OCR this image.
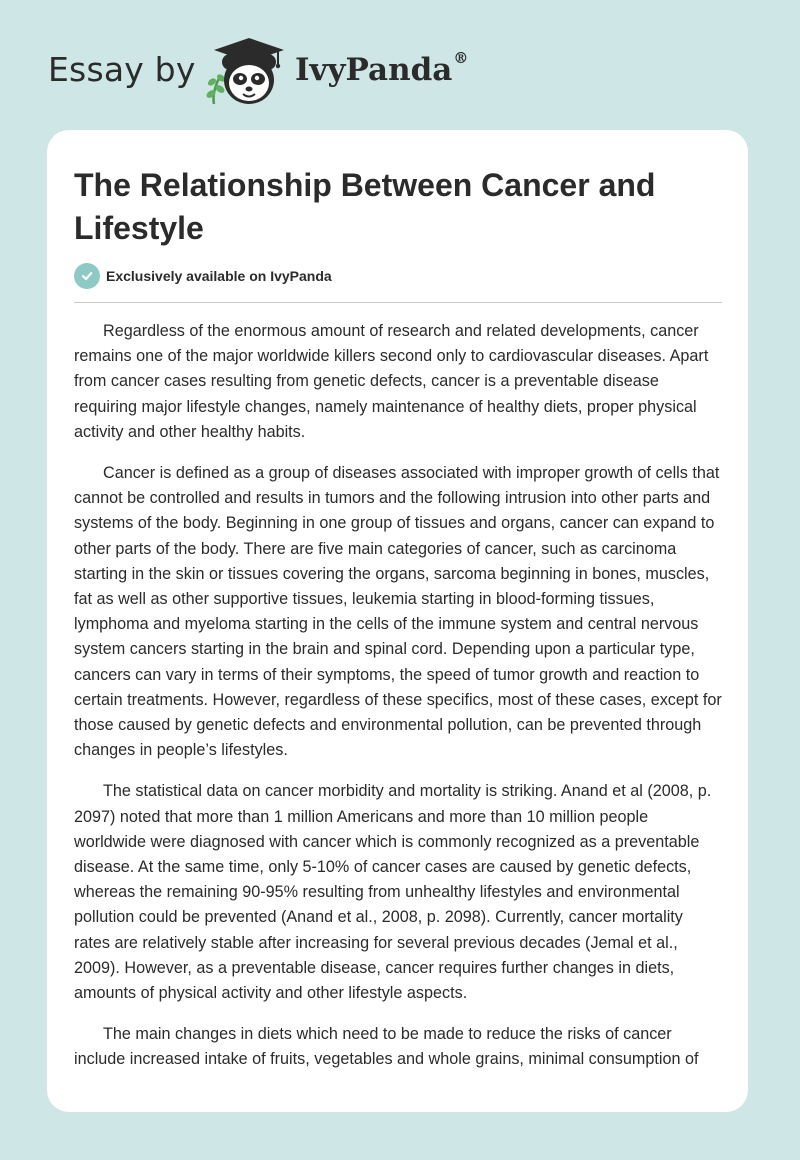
Essay by	IvyPanda®
The Relationship Between Cancer and Lifestyle
Exclusively available on IvyPanda

Regardless of the enormous amount of research and related developments, cancer remains one of the major worldwide killers second only to cardiovascular diseases. Apart from cancer cases resulting from genetic defects, cancer is a preventable disease requiring major lifestyle changes, namely maintenance of healthy diets, proper physical activity and other healthy habits.

Cancer is defined as a group of diseases associated with improper growth of cells that cannot be controlled and results in tumors and the following intrusion into other parts and systems of the body. Beginning in one group of tissues and organs, cancer can expand to other parts of the body. There are five main categories of cancer, such as carcinoma starting in the skin or tissues covering the organs, sarcoma beginning in bones, muscles, fat as well as other supportive tissues, leukemia starting in blood-forming tissues, lymphoma and myeloma starting in the cells of the immune system and central nervous system cancers starting in the brain and spinal cord. Depending upon a particular type, cancers can vary in terms of their symptoms, the speed of tumor growth and reaction to certain treatments. However, regardless of these specifics, most of these cases, except for those caused by genetic defects and environmental pollution, can be prevented through changes in people’s lifestyles.

The statistical data on cancer morbidity and mortality is striking. Anand et al (2008, p. 2097) noted that more than 1 million Americans and more than 10 million people worldwide were diagnosed with cancer which is commonly recognized as a preventable disease. At the same time, only 5-10% of cancer cases are caused by genetic defects, whereas the remaining 90-95% resulting from unhealthy lifestyles and environmental pollution could be prevented (Anand et al., 2008, p. 2098). Currently, cancer mortality rates are relatively stable after increasing for several previous decades (Jemal et al., 2009). However, as a preventable disease, cancer requires further changes in diets, amounts of physical activity and other lifestyle aspects.

The main changes in diets which need to be made to reduce the risks of cancer include increased intake of fruits, vegetables and whole grains, minimal consumption of
